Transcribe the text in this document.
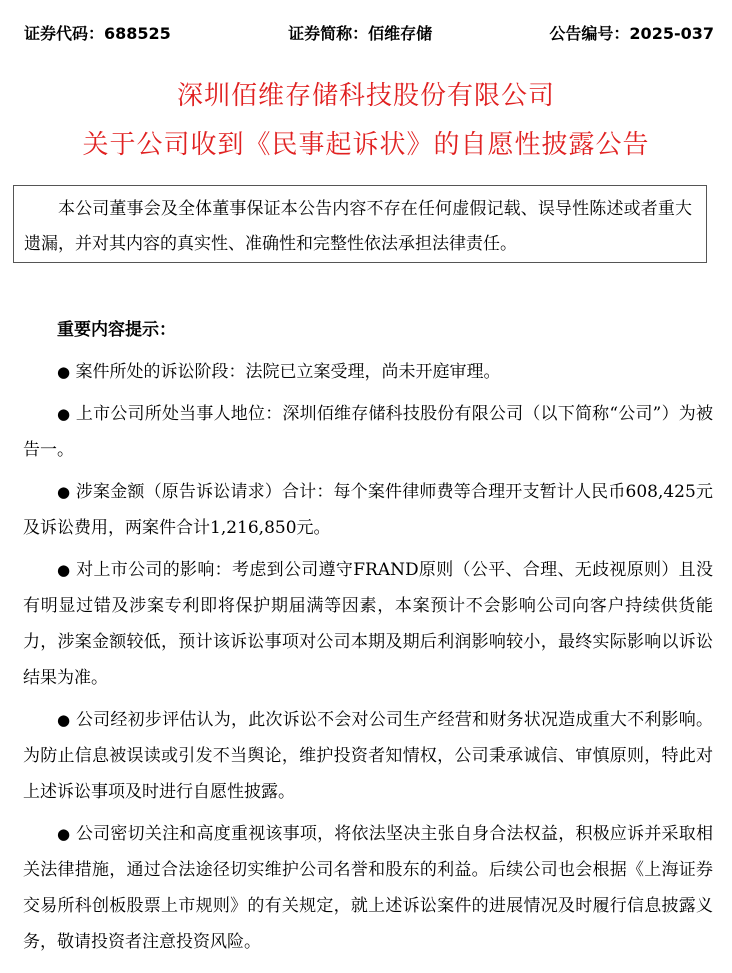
证券代码：688525	证券简称：佰维存储	公告编号：2025-037
深圳佰维存储科技股份有限公司
关于公司收到《民事起诉状》的自愿性披露公告
本公司董事会及全体董事保证本公告内容不存在任何虚假记载、误导性陈述或者重大遗漏，并对其内容的真实性、准确性和完整性依法承担法律责任。

重要内容提示：

● 案件所处的诉讼阶段：法院已立案受理，尚未开庭审理。

● 上市公司所处当事人地位：深圳佰维存储科技股份有限公司（以下简称“公司”）为被告一。

● 涉案金额（原告诉讼请求）合计：每个案件律师费等合理开支暂计人民币608,425元及诉讼费用，两案件合计1,216,850元。

● 对上市公司的影响：考虑到公司遵守FRAND原则（公平、合理、无歧视原则）且没有明显过错及涉案专利即将保护期届满等因素，本案预计不会影响公司向客户持续供货能力，涉案金额较低，预计该诉讼事项对公司本期及期后利润影响较小，最终实际影响以诉讼结果为准。

● 公司经初步评估认为，此次诉讼不会对公司生产经营和财务状况造成重大不利影响。为防止信息被误读或引发不当舆论，维护投资者知情权，公司秉承诚信、审慎原则，特此对上述诉讼事项及时进行自愿性披露。

● 公司密切关注和高度重视该事项，将依法坚决主张自身合法权益，积极应诉并采取相关法律措施，通过合法途径切实维护公司名誉和股东的利益。后续公司也会根据《上海证券交易所科创板股票上市规则》的有关规定，就上述诉讼案件的进展情况及时履行信息披露义务，敬请投资者注意投资风险。
